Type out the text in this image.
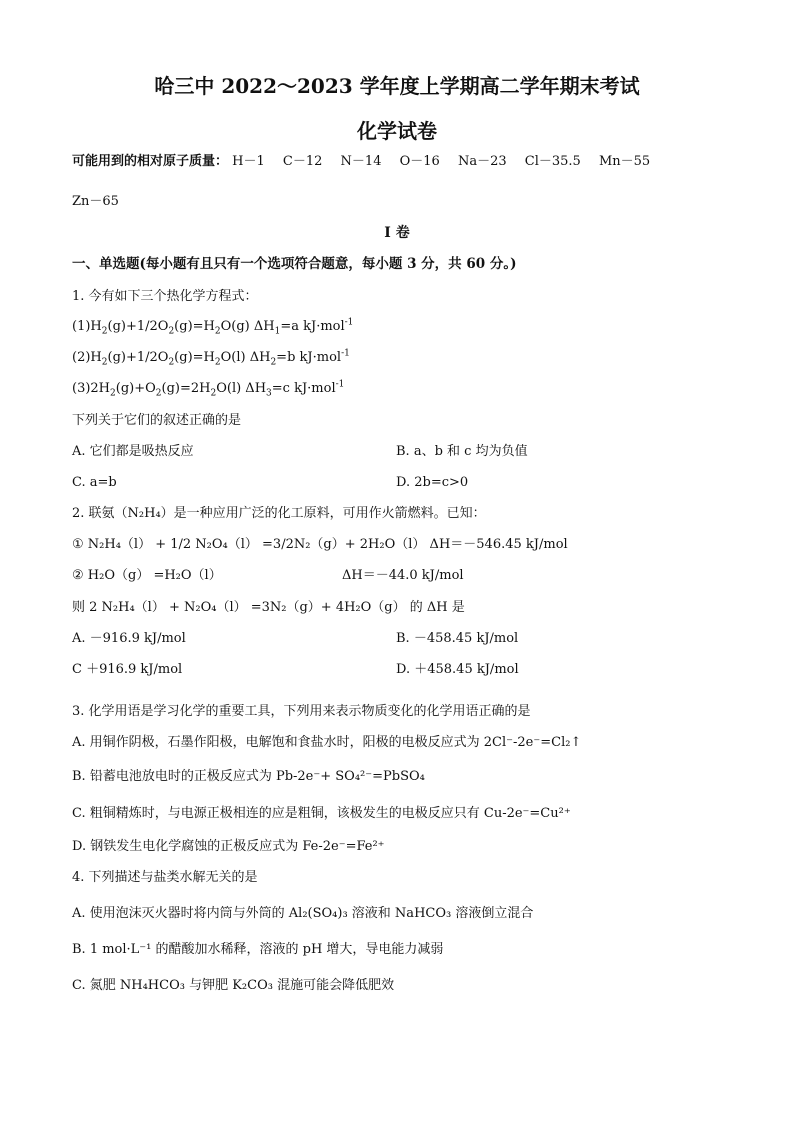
哈三中 2022～2023 学年度上学期高二学年期末考试
化学试卷
可能用到的相对原子质量： H－1 C－12 N－14 O－16 Na－23 Cl－35.5 Mn－55
Zn－65
I 卷
一、单选题(每小题有且只有一个选项符合题意，每小题 3 分，共 60 分。)
1. 今有如下三个热化学方程式：
$(1)H_2(g)+1/2O_2(g)=H_2O(g)$ $\Delta H_1=a$ kJ·mol$^{-1}$
$(2)H_2(g)+1/2O_2(g)=H_2O(l)$ $\Delta H_2=b$ kJ·mol$^{-1}$
$(3)2H_2(g)+O_2(g)=2H_2O(l)$ $\Delta H_3=c$ kJ·mol$^{-1}$
下列关于它们的叙述正确的是
A. 它们都是吸热反应	B. a、b 和 c 均为负值
C. a=b	D. 2b=c>0
2. 联氨（N₂H₄）是一种应用广泛的化工原料，可用作火箭燃料。已知：
① N₂H₄（l） + 1/2 N₂O₄（l） =3/2N₂（g）+ 2H₂O（l） ΔH＝－546.45 kJ/mol
② H₂O（g） =H₂O（l）	ΔH＝－44.0 kJ/mol
则 2 N₂H₄（l） + N₂O₄（l） =3N₂（g）+ 4H₂O（g） 的 ΔH 是
A. －916.9 kJ/mol	B. －458.45 kJ/mol
C ＋916.9 kJ/mol	D. ＋458.45 kJ/mol
3. 化学用语是学习化学的重要工具，下列用来表示物质变化的化学用语正确的是
A. 用铜作阴极，石墨作阳极，电解饱和食盐水时，阳极的电极反应式为 2Cl⁻-2e⁻=Cl₂↑
B. 铅蓄电池放电时的正极反应式为 Pb-2e⁻+ SO₄²⁻=PbSO₄
C. 粗铜精炼时，与电源正极相连的应是粗铜，该极发生的电极反应只有 Cu-2e⁻=Cu²⁺
D. 钢铁发生电化学腐蚀的正极反应式为 Fe-2e⁻=Fe²⁺
4. 下列描述与盐类水解无关的是
A. 使用泡沫灭火器时将内筒与外筒的 Al₂(SO₄)₃ 溶液和 NaHCO₃ 溶液倒立混合
B. 1 mol·L⁻¹ 的醋酸加水稀释，溶液的 pH 增大，导电能力减弱
C. 氮肥 NH₄HCO₃ 与钾肥 K₂CO₃ 混施可能会降低肥效
